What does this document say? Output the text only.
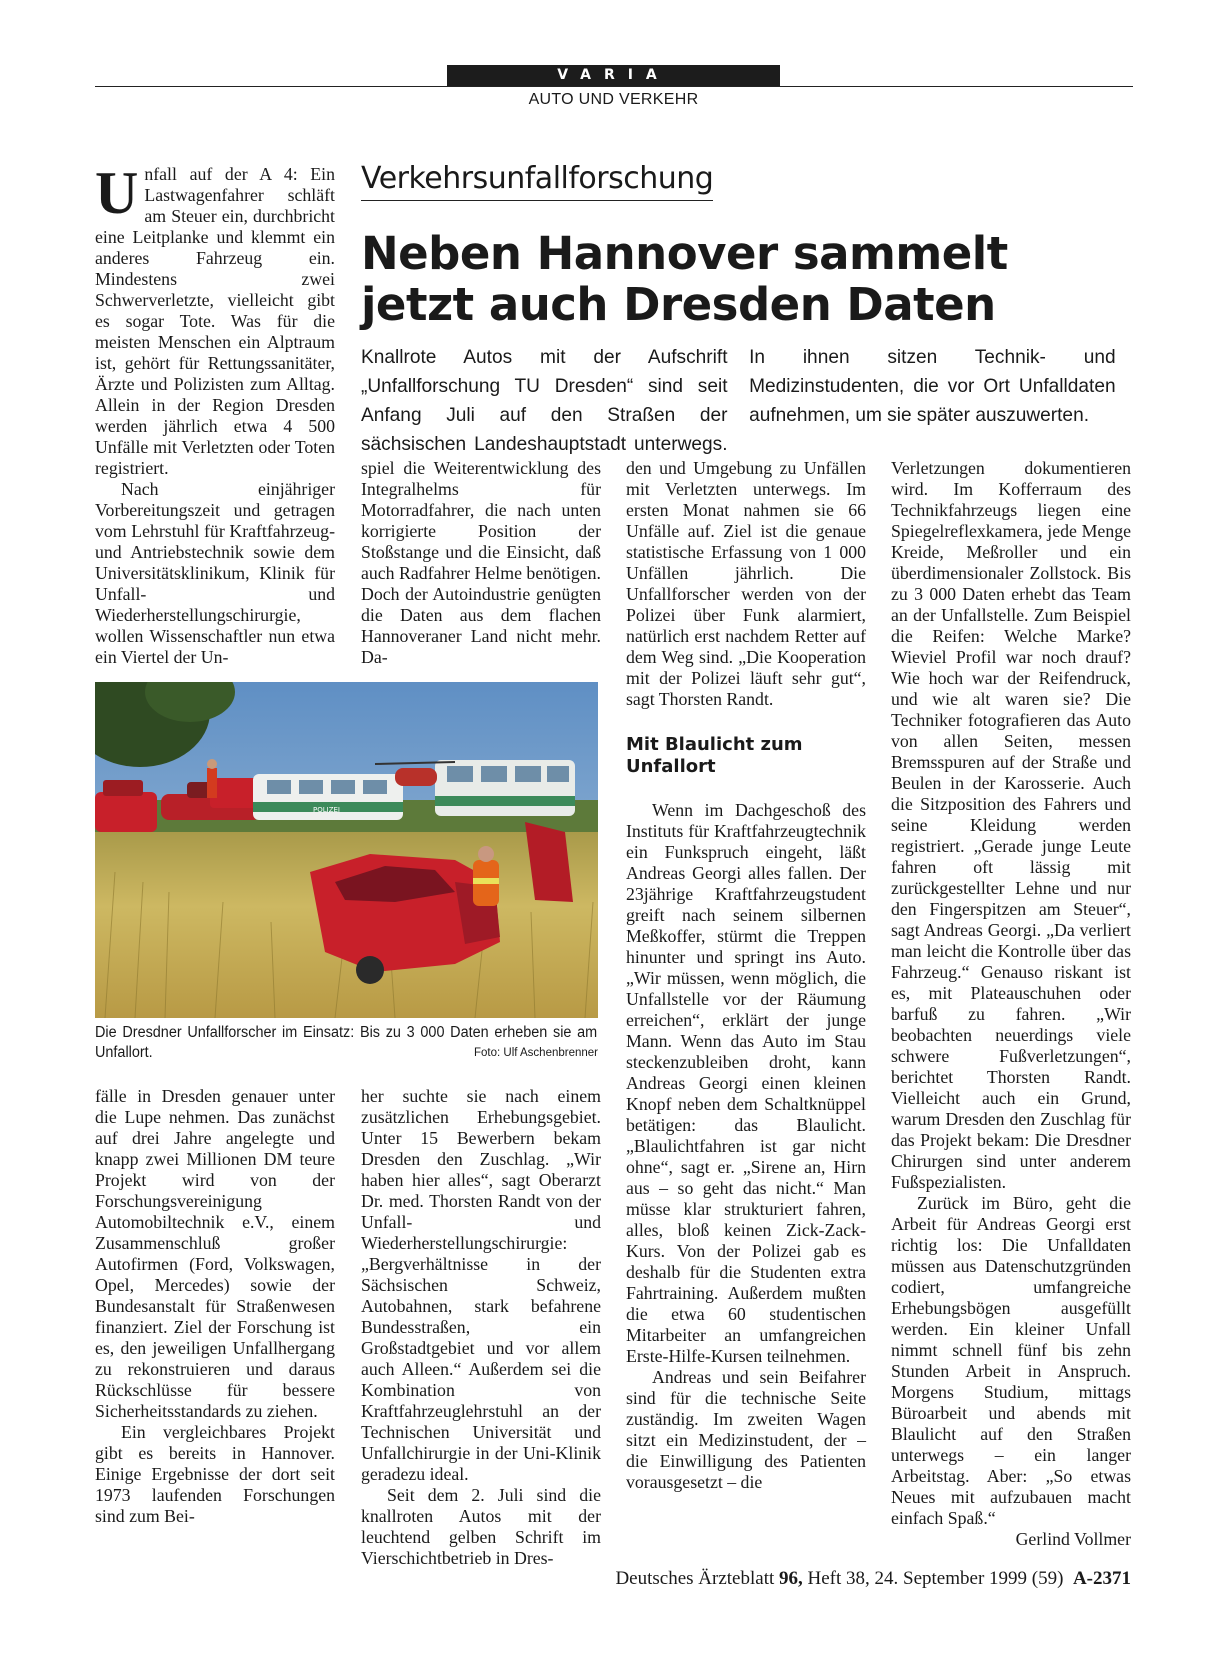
VARIA
AUTO UND VERKEHR

Unfall auf der A 4: Ein Lastwagenfahrer schläft am Steuer ein, durchbricht eine Leitplanke und klemmt ein anderes Fahrzeug ein. Mindestens zwei Schwerverletzte, vielleicht gibt es sogar Tote. Was für die meisten Menschen ein Alptraum ist, gehört für Rettungssanitäter, Ärzte und Polizisten zum Alltag. Allein in der Region Dresden werden jährlich etwa 4 500 Unfälle mit Verletzten oder Toten registriert.

Nach einjähriger Vorbereitungszeit und getragen vom Lehrstuhl für Kraftfahrzeug- und Antriebstechnik sowie dem Universitätsklinikum, Klinik für Unfall- und Wiederherstellungschirurgie, wollen Wissenschaftler nun etwa ein Viertel der Un-

Verkehrsunfallforschung
Neben Hannover sammelt jetzt auch Dresden Daten
Knallrote Autos mit der Aufschrift „Unfallforschung TU Dresden“ sind seit Anfang Juli auf den Straßen der sächsischen Landeshauptstadt unterwegs. In ihnen sitzen Technik- und Medizinstudenten, die vor Ort Unfalldaten aufnehmen, um sie später auszuwerten.

spiel die Weiterentwicklung des Integralhelms für Motorradfahrer, die nach unten korrigierte Position der Stoßstange und die Einsicht, daß auch Radfahrer Helme benötigen. Doch der Autoindustrie genügten die Daten aus dem flachen Hannoveraner Land nicht mehr. Da-

den und Umgebung zu Unfällen mit Verletzten unterwegs. Im ersten Monat nahmen sie 66 Unfälle auf. Ziel ist die genaue statistische Erfassung von 1 000 Unfällen jährlich. Die Unfallforscher werden von der Polizei über Funk alarmiert, natürlich erst nachdem Retter auf dem Weg sind. „Die Kooperation mit der Polizei läuft sehr gut“, sagt Thorsten Randt.

Mit Blaulicht zum Unfallort

Wenn im Dachgeschoß des Instituts für Kraftfahrzeugtechnik ein Funkspruch eingeht, läßt Andreas Georgi alles fallen. Der 23jährige Kraftfahrzeugstudent greift nach seinem silbernen Meßkoffer, stürmt die Treppen hinunter und springt ins Auto. „Wir müssen, wenn möglich, die Unfallstelle vor der Räumung erreichen“, erklärt der junge Mann. Wenn das Auto im Stau steckenzubleiben droht, kann Andreas Georgi einen kleinen Knopf neben dem Schaltknüppel betätigen: das Blaulicht. „Blaulichtfahren ist gar nicht ohne“, sagt er. „Sirene an, Hirn aus – so geht das nicht.“ Man müsse klar strukturiert fahren, alles, bloß keinen Zick-Zack-Kurs. Von der Polizei gab es deshalb für die Studenten extra Fahrtraining. Außerdem mußten die etwa 60 studentischen Mitarbeiter an umfangreichen Erste-Hilfe-Kursen teilnehmen.

Andreas und sein Beifahrer sind für die technische Seite zuständig. Im zweiten Wagen sitzt ein Medizinstudent, der – die Einwilligung des Patienten vorausgesetzt – die

Verletzungen dokumentieren wird. Im Kofferraum des Technikfahrzeugs liegen eine Spiegelreflexkamera, jede Menge Kreide, Meßroller und ein überdimensionaler Zollstock. Bis zu 3 000 Daten erhebt das Team an der Unfallstelle. Zum Beispiel die Reifen: Welche Marke? Wieviel Profil war noch drauf? Wie hoch war der Reifendruck, und wie alt waren sie? Die Techniker fotografieren das Auto von allen Seiten, messen Bremsspuren auf der Straße und Beulen in der Karosserie. Auch die Sitzposition des Fahrers und seine Kleidung werden registriert. „Gerade junge Leute fahren oft lässig mit zurückgestellter Lehne und nur den Fingerspitzen am Steuer“, sagt Andreas Georgi. „Da verliert man leicht die Kontrolle über das Fahrzeug.“ Genauso riskant ist es, mit Plateauschuhen oder barfuß zu fahren. „Wir beobachten neuerdings viele schwere Fußverletzungen“, berichtet Thorsten Randt. Vielleicht auch ein Grund, warum Dresden den Zuschlag für das Projekt bekam: Die Dresdner Chirurgen sind unter anderem Fußspezialisten.

Zurück im Büro, geht die Arbeit für Andreas Georgi erst richtig los: Die Unfalldaten müssen aus Datenschutzgründen codiert, umfangreiche Erhebungsbögen ausgefüllt werden. Ein kleiner Unfall nimmt schnell fünf bis zehn Stunden Arbeit in Anspruch. Morgens Studium, mittags Büroarbeit und abends mit Blaulicht auf den Straßen unterwegs – ein langer Arbeitstag. Aber: „So etwas Neues mit aufzubauen macht einfach Spaß.“
Gerlind Vollmer

POLIZEI
Die Dresdner Unfallforscher im Einsatz: Bis zu 3 000 Daten erheben sie am Unfallort.	Foto: Ulf Aschenbrenner

fälle in Dresden genauer unter die Lupe nehmen. Das zunächst auf drei Jahre angelegte und knapp zwei Millionen DM teure Projekt wird von der Forschungsvereinigung Automobiltechnik e.V., einem Zusammenschluß großer Autofirmen (Ford, Volkswagen, Opel, Mercedes) sowie der Bundesanstalt für Straßenwesen finanziert. Ziel der Forschung ist es, den jeweiligen Unfallhergang zu rekonstruieren und daraus Rückschlüsse für bessere Sicherheitsstandards zu ziehen.

Ein vergleichbares Projekt gibt es bereits in Hannover. Einige Ergebnisse der dort seit 1973 laufenden Forschungen sind zum Bei-

her suchte sie nach einem zusätzlichen Erhebungsgebiet. Unter 15 Bewerbern bekam Dresden den Zuschlag. „Wir haben hier alles“, sagt Oberarzt Dr. med. Thorsten Randt von der Unfall- und Wiederherstellungschirurgie: „Bergverhältnisse in der Sächsischen Schweiz, Autobahnen, stark befahrene Bundesstraßen, ein Großstadtgebiet und vor allem auch Alleen.“ Außerdem sei die Kombination von Kraftfahrzeuglehrstuhl an der Technischen Universität und Unfallchirurgie in der Uni-Klinik geradezu ideal.

Seit dem 2. Juli sind die knallroten Autos mit der leuchtend gelben Schrift im Vierschichtbetrieb in Dres-

Deutsches Ärzteblatt 96, Heft 38, 24. September 1999 (59) A-2371
